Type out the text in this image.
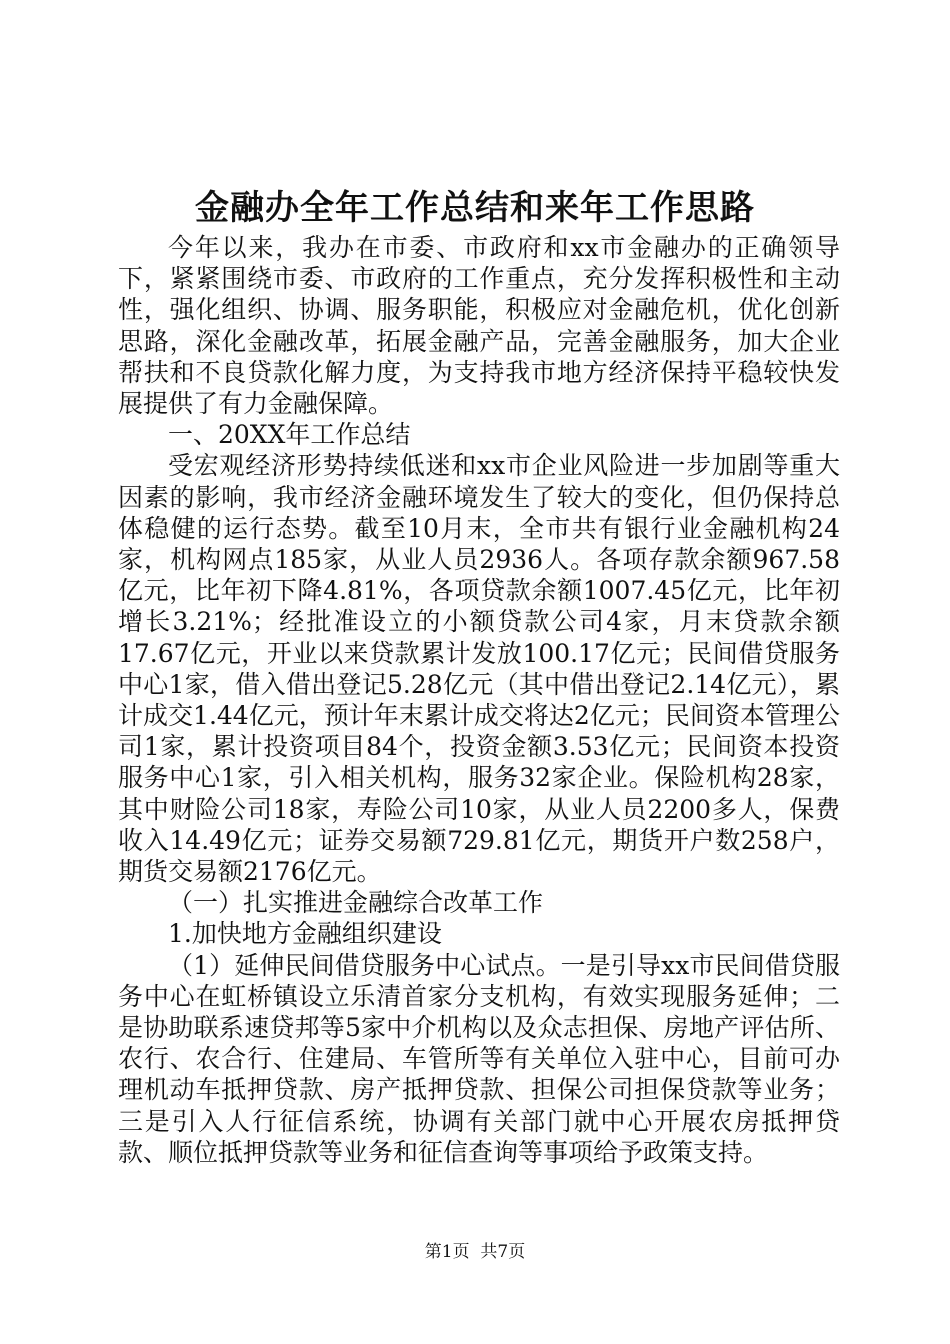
金融办全年工作总结和来年工作思路

今年以来，我办在市委、市政府和xx市金融办的正确领导下，紧紧围绕市委、市政府的工作重点，充分发挥积极性和主动性，强化组织、协调、服务职能，积极应对金融危机，优化创新思路，深化金融改革，拓展金融产品，完善金融服务，加大企业帮扶和不良贷款化解力度，为支持我市地方经济保持平稳较快发展提供了有力金融保障。

一、20XX年工作总结

受宏观经济形势持续低迷和xx市企业风险进一步加剧等重大因素的影响，我市经济金融环境发生了较大的变化，但仍保持总体稳健的运行态势。截至10月末，全市共有银行业金融机构24家，机构网点185家，从业人员2936人。各项存款余额967.58亿元，比年初下降4.81%，各项贷款余额1007.45亿元，比年初增长3.21%；经批准设立的小额贷款公司4家，月末贷款余额17.67亿元，开业以来贷款累计发放100.17亿元；民间借贷服务中心1家，借入借出登记5.28亿元（其中借出登记2.14亿元），累计成交1.44亿元，预计年末累计成交将达2亿元；民间资本管理公司1家，累计投资项目84个，投资金额3.53亿元；民间资本投资服务中心1家，引入相关机构，服务32家企业。保险机构28家，其中财险公司18家，寿险公司10家，从业人员2200多人，保费收入14.49亿元；证券交易额729.81亿元，期货开户数258户，期货交易额2176亿元。

（一）扎实推进金融综合改革工作

1.加快地方金融组织建设

（1）延伸民间借贷服务中心试点。一是引导xx市民间借贷服务中心在虹桥镇设立乐清首家分支机构，有效实现服务延伸；二是协助联系速贷邦等5家中介机构以及众志担保、房地产评估所、农行、农合行、住建局、车管所等有关单位入驻中心，目前可办理机动车抵押贷款、房产抵押贷款、担保公司担保贷款等业务；三是引入人行征信系统，协调有关部门就中心开展农房抵押贷款、顺位抵押贷款等业务和征信查询等事项给予政策支持。

第1页 共7页
